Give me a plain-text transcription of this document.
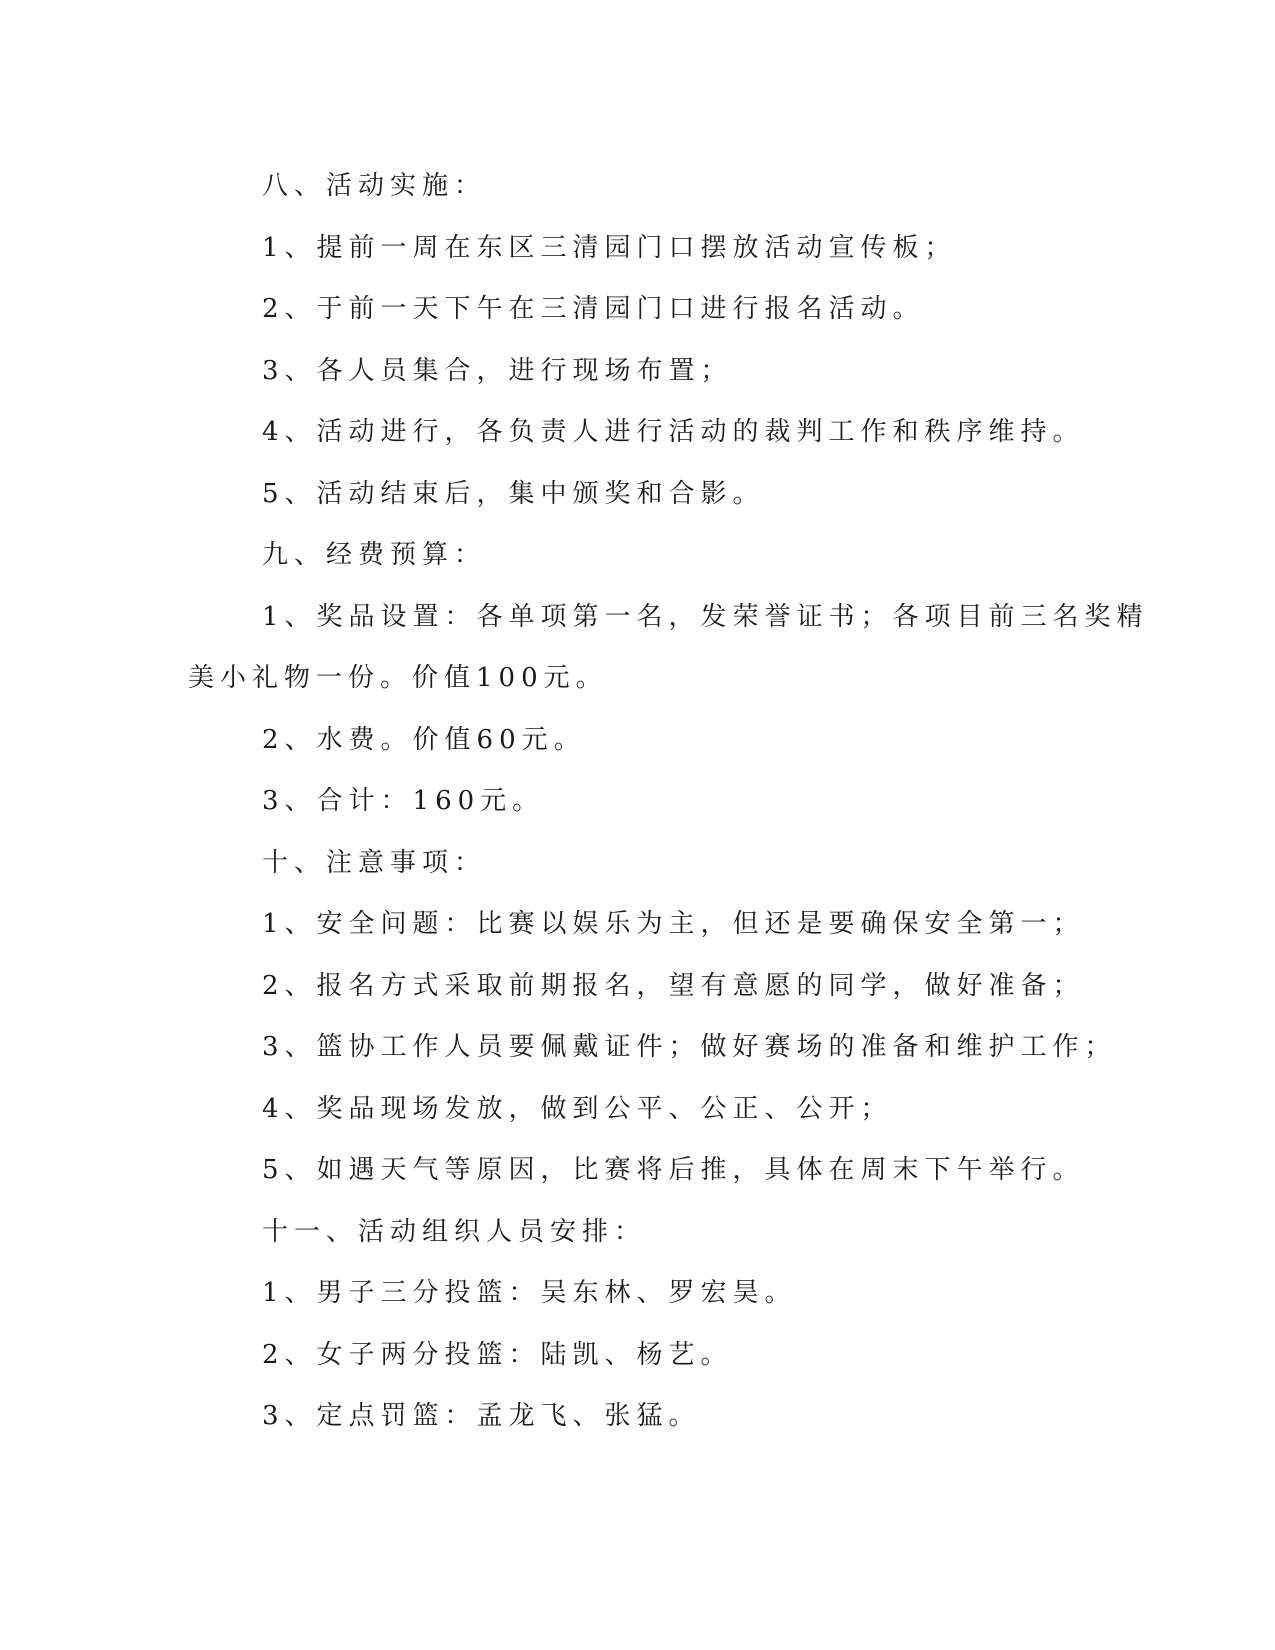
八、活动实施：
1、提前一周在东区三清园门口摆放活动宣传板；
2、于前一天下午在三清园门口进行报名活动。
3、各人员集合，进行现场布置；
4、活动进行，各负责人进行活动的裁判工作和秩序维持。
5、活动结束后，集中颁奖和合影。
九、经费预算：
1、奖品设置：各单项第一名，发荣誉证书；各项目前三名奖精
美小礼物一份。价值100元。
2、水费。价值60元。
3、合计：160元。
十、注意事项：
1、安全问题：比赛以娱乐为主，但还是要确保安全第一；
2、报名方式采取前期报名，望有意愿的同学，做好准备；
3、篮协工作人员要佩戴证件；做好赛场的准备和维护工作；
4、奖品现场发放，做到公平、公正、公开；
5、如遇天气等原因，比赛将后推，具体在周末下午举行。
十一、活动组织人员安排：
1、男子三分投篮：吴东林、罗宏昊。
2、女子两分投篮：陆凯、杨艺。
3、定点罚篮：孟龙飞、张猛。
